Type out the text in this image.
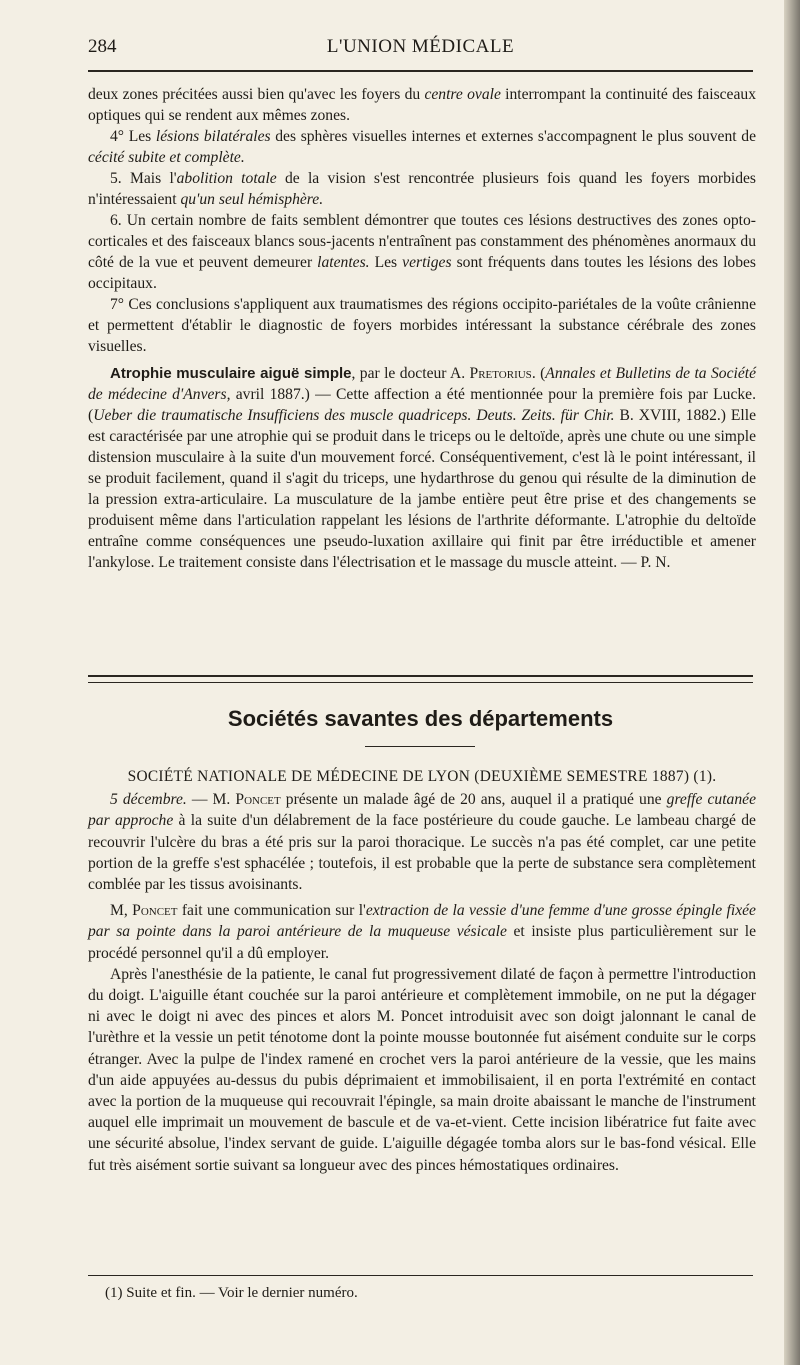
284	L'UNION MÉDICALE

deux zones précitées aussi bien qu'avec les foyers du centre ovale interrompant la continuité des faisceaux optiques qui se rendent aux mêmes zones.

4° Les lésions bilatérales des sphères visuelles internes et externes s'accompagnent le plus souvent de cécité subite et complète.

5. Mais l'abolition totale de la vision s'est rencontrée plusieurs fois quand les foyers morbides n'intéressaient qu'un seul hémisphère.

6. Un certain nombre de faits semblent démontrer que toutes ces lésions destructives des zones opto-corticales et des faisceaux blancs sous-jacents n'entraînent pas constamment des phénomènes anormaux du côté de la vue et peuvent demeurer latentes. Les vertiges sont fréquents dans toutes les lésions des lobes occipitaux.

7° Ces conclusions s'appliquent aux traumatismes des régions occipito-pariétales de la voûte crânienne et permettent d'établir le diagnostic de foyers morbides intéressant la substance cérébrale des zones visuelles.

Atrophie musculaire aiguë simple, par le docteur A. Pretorius. (Annales et Bulletins de ta Société de médecine d'Anvers, avril 1887.) — Cette affection a été mentionnée pour la première fois par Lucke. (Ueber die traumatische Insufficiens des muscle quadriceps. Deuts. Zeits. für Chir. B. XVIII, 1882.) Elle est caractérisée par une atrophie qui se produit dans le triceps ou le deltoïde, après une chute ou une simple distension musculaire à la suite d'un mouvement forcé. Conséquentivement, c'est là le point intéressant, il se produit facilement, quand il s'agit du triceps, une hydarthrose du genou qui résulte de la diminution de la pression extra-articulaire. La musculature de la jambe entière peut être prise et des changements se produisent même dans l'articulation rappelant les lésions de l'arthrite déformante. L'atrophie du deltoïde entraîne comme conséquences une pseudo-luxation axillaire qui finit par être irréductible et amener l'ankylose. Le traitement consiste dans l'électrisation et le massage du muscle atteint. — P. N.

Sociétés savantes des départements

SOCIÉTÉ NATIONALE DE MÉDECINE DE LYON (DEUXIÈME SEMESTRE 1887) (1).

5 décembre. — M. Poncet présente un malade âgé de 20 ans, auquel il a pratiqué une greffe cutanée par approche à la suite d'un délabrement de la face postérieure du coude gauche. Le lambeau chargé de recouvrir l'ulcère du bras a été pris sur la paroi thoracique. Le succès n'a pas été complet, car une petite portion de la greffe s'est sphacélée ; toutefois, il est probable que la perte de substance sera complètement comblée par les tissus avoisinants.

M, Poncet fait une communication sur l'extraction de la vessie d'une femme d'une grosse épingle fixée par sa pointe dans la paroi antérieure de la muqueuse vésicale et insiste plus particulièrement sur le procédé personnel qu'il a dû employer.

Après l'anesthésie de la patiente, le canal fut progressivement dilaté de façon à permettre l'introduction du doigt. L'aiguille étant couchée sur la paroi antérieure et complètement immobile, on ne put la dégager ni avec le doigt ni avec des pinces et alors M. Poncet introduisit avec son doigt jalonnant le canal de l'urèthre et la vessie un petit ténotome dont la pointe mousse boutonnée fut aisément conduite sur le corps étranger. Avec la pulpe de l'index ramené en crochet vers la paroi antérieure de la vessie, que les mains d'un aide appuyées au-dessus du pubis déprimaient et immobilisaient, il en porta l'extrémité en contact avec la portion de la muqueuse qui recouvrait l'épingle, sa main droite abaissant le manche de l'instrument auquel elle imprimait un mouvement de bascule et de va-et-vient. Cette incision libératrice fut faite avec une sécurité absolue, l'index servant de guide. L'aiguille dégagée tomba alors sur le bas-fond vésical. Elle fut très aisément sortie suivant sa longueur avec des pinces hémostatiques ordinaires.

(1) Suite et fin. — Voir le dernier numéro.
